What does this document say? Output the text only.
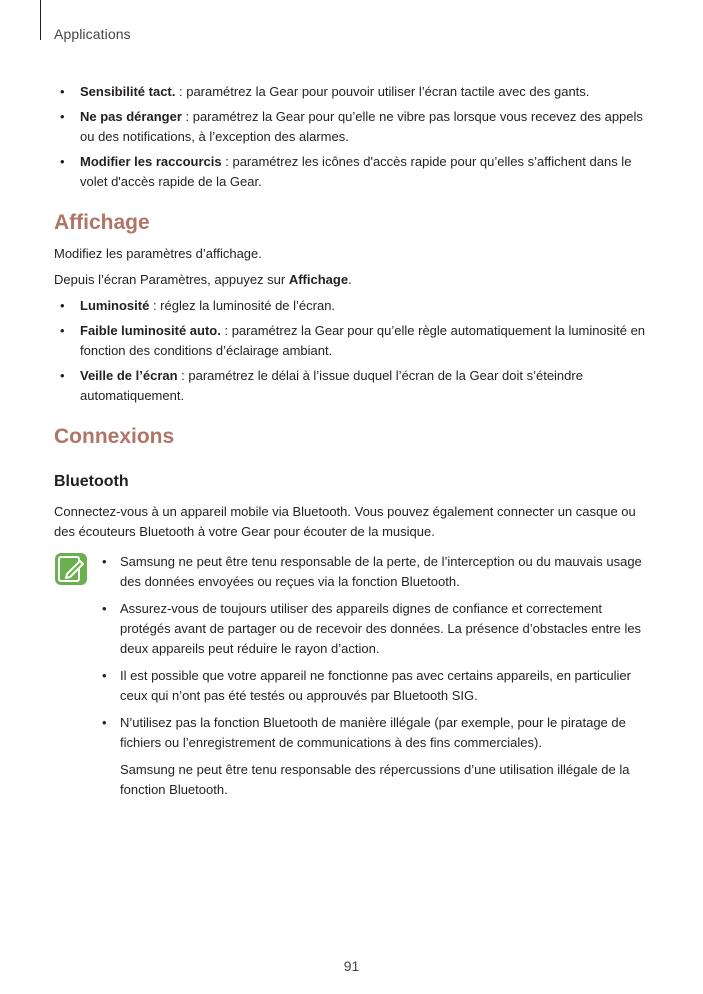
Applications
• Sensibilité tact. : paramétrez la Gear pour pouvoir utiliser l’écran tactile avec des gants.
• Ne pas déranger : paramétrez la Gear pour qu’elle ne vibre pas lorsque vous recevez des appels ou des notifications, à l’exception des alarmes.
• Modifier les raccourcis : paramétrez les icônes d'accès rapide pour qu’elles s’affichent dans le volet d'accès rapide de la Gear.
Affichage

Modifiez les paramètres d’affichage.

Depuis l’écran Paramètres, appuyez sur Affichage.

• Luminosité : réglez la luminosité de l’écran.
• Faible luminosité auto. : paramétrez la Gear pour qu’elle règle automatiquement la luminosité en fonction des conditions d’éclairage ambiant.
• Veille de l’écran : paramétrez le délai à l’issue duquel l’écran de la Gear doit s’éteindre automatiquement.
Connexions
Bluetooth

Connectez-vous à un appareil mobile via Bluetooth. Vous pouvez également connecter un casque ou des écouteurs Bluetooth à votre Gear pour écouter de la musique.

• Samsung ne peut être tenu responsable de la perte, de l’interception ou du mauvais usage des données envoyées ou reçues via la fonction Bluetooth.
• Assurez-vous de toujours utiliser des appareils dignes de confiance et correctement protégés avant de partager ou de recevoir des données. La présence d’obstacles entre les deux appareils peut réduire le rayon d’action.
• Il est possible que votre appareil ne fonctionne pas avec certains appareils, en particulier ceux qui n’ont pas été testés ou approuvés par Bluetooth SIG.
• N’utilisez pas la fonction Bluetooth de manière illégale (par exemple, pour le piratage de fichiers ou l’enregistrement de communications à des fins commerciales).

Samsung ne peut être tenu responsable des répercussions d’une utilisation illégale de la fonction Bluetooth.

91
